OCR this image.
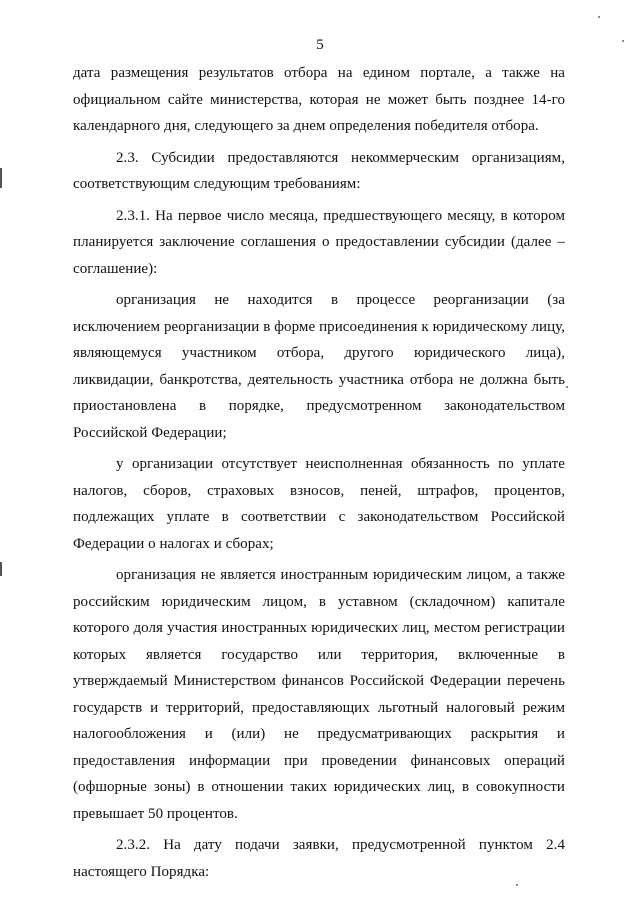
5

дата размещения результатов отбора на едином портале, а также на официальном сайте министерства, которая не может быть позднее 14-го календарного дня, следующего за днем определения победителя отбора.

2.3. Субсидии предоставляются некоммерческим организациям, соответствующим следующим требованиям:

2.3.1. На первое число месяца, предшествующего месяцу, в котором планируется заключение соглашения о предоставлении субсидии (далее – соглашение):

организация не находится в процессе реорганизации (за исключением реорганизации в форме присоединения к юридическому лицу, являющемуся участником отбора, другого юридического лица), ликвидации, банкротства, деятельность участника отбора не должна быть приостановлена в порядке, предусмотренном законодательством Российской Федерации;

у организации отсутствует неисполненная обязанность по уплате налогов, сборов, страховых взносов, пеней, штрафов, процентов, подлежащих уплате в соответствии с законодательством Российской Федерации о налогах и сборах;

организация не является иностранным юридическим лицом, а также российским юридическим лицом, в уставном (складочном) капитале которого доля участия иностранных юридических лиц, местом регистрации которых является государство или территория, включенные в утверждаемый Министерством финансов Российской Федерации перечень государств и территорий, предоставляющих льготный налоговый режим налогообложения и (или) не предусматривающих раскрытия и предоставления информации при проведении финансовых операций (офшорные зоны) в отношении таких юридических лиц, в совокупности превышает 50 процентов.

2.3.2. На дату подачи заявки, предусмотренной пунктом 2.4 настоящего Порядка:
